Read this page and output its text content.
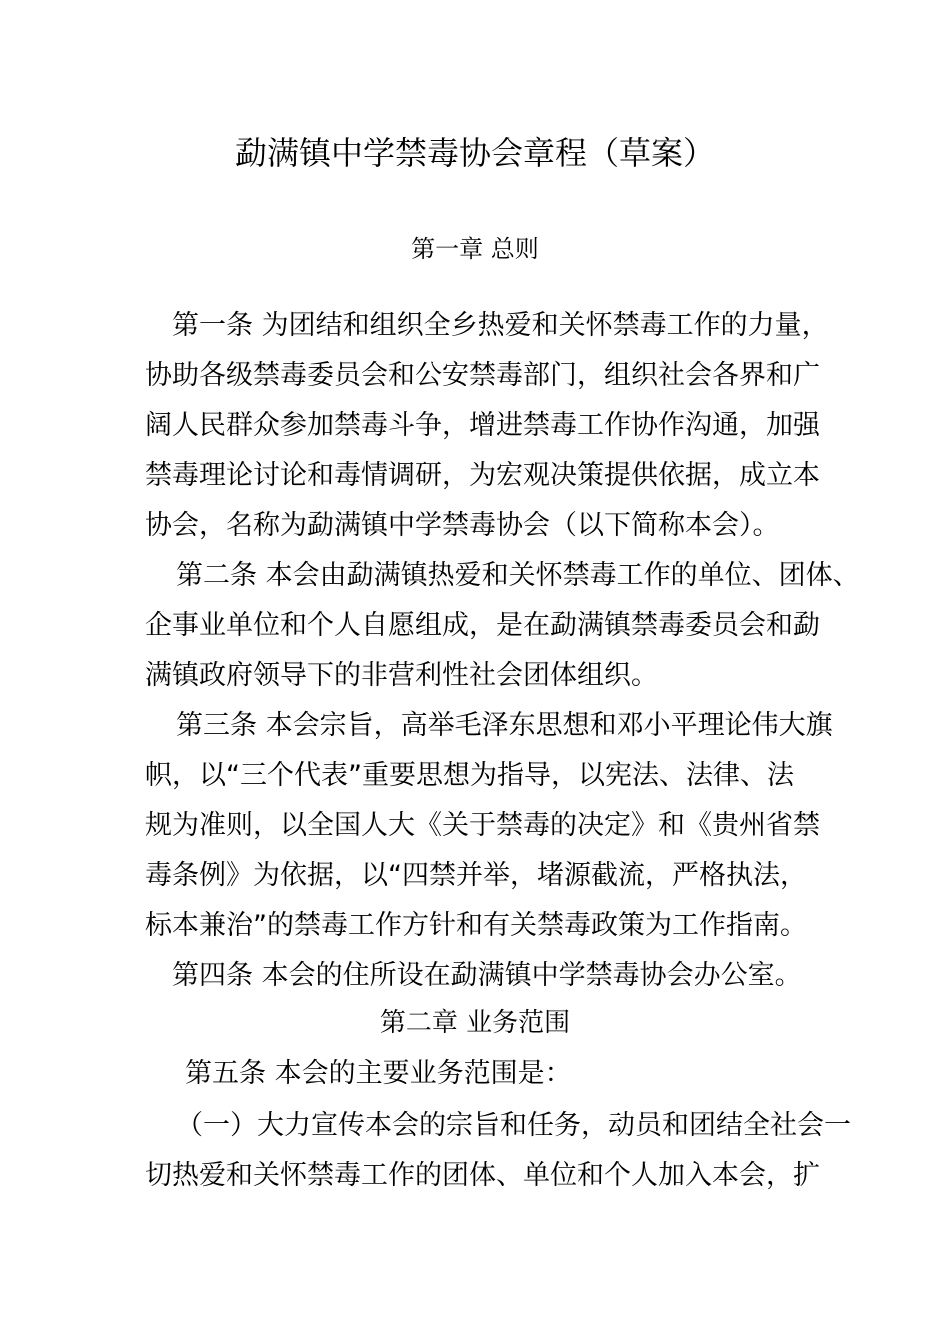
勐满镇中学禁毒协会章程（草案）
第一章 总则
第一条 为团结和组织全乡热爱和关怀禁毒工作的力量，
协助各级禁毒委员会和公安禁毒部门，组织社会各界和广
阔人民群众参加禁毒斗争，增进禁毒工作协作沟通，加强
禁毒理论讨论和毒情调研，为宏观决策提供依据，成立本
协会，名称为勐满镇中学禁毒协会（以下简称本会）。
第二条 本会由勐满镇热爱和关怀禁毒工作的单位、团体、
企事业单位和个人自愿组成，是在勐满镇禁毒委员会和勐
满镇政府领导下的非营利性社会团体组织。
第三条 本会宗旨，高举毛泽东思想和邓小平理论伟大旗
帜，以“三个代表”重要思想为指导，以宪法、法律、法
规为准则，以全国人大《关于禁毒的决定》和《贵州省禁
毒条例》为依据，以“四禁并举，堵源截流，严格执法，
标本兼治”的禁毒工作方针和有关禁毒政策为工作指南。
第四条 本会的住所设在勐满镇中学禁毒协会办公室。
第二章 业务范围
第五条 本会的主要业务范围是：
（一）大力宣传本会的宗旨和任务，动员和团结全社会一
切热爱和关怀禁毒工作的团体、单位和个人加入本会，扩
